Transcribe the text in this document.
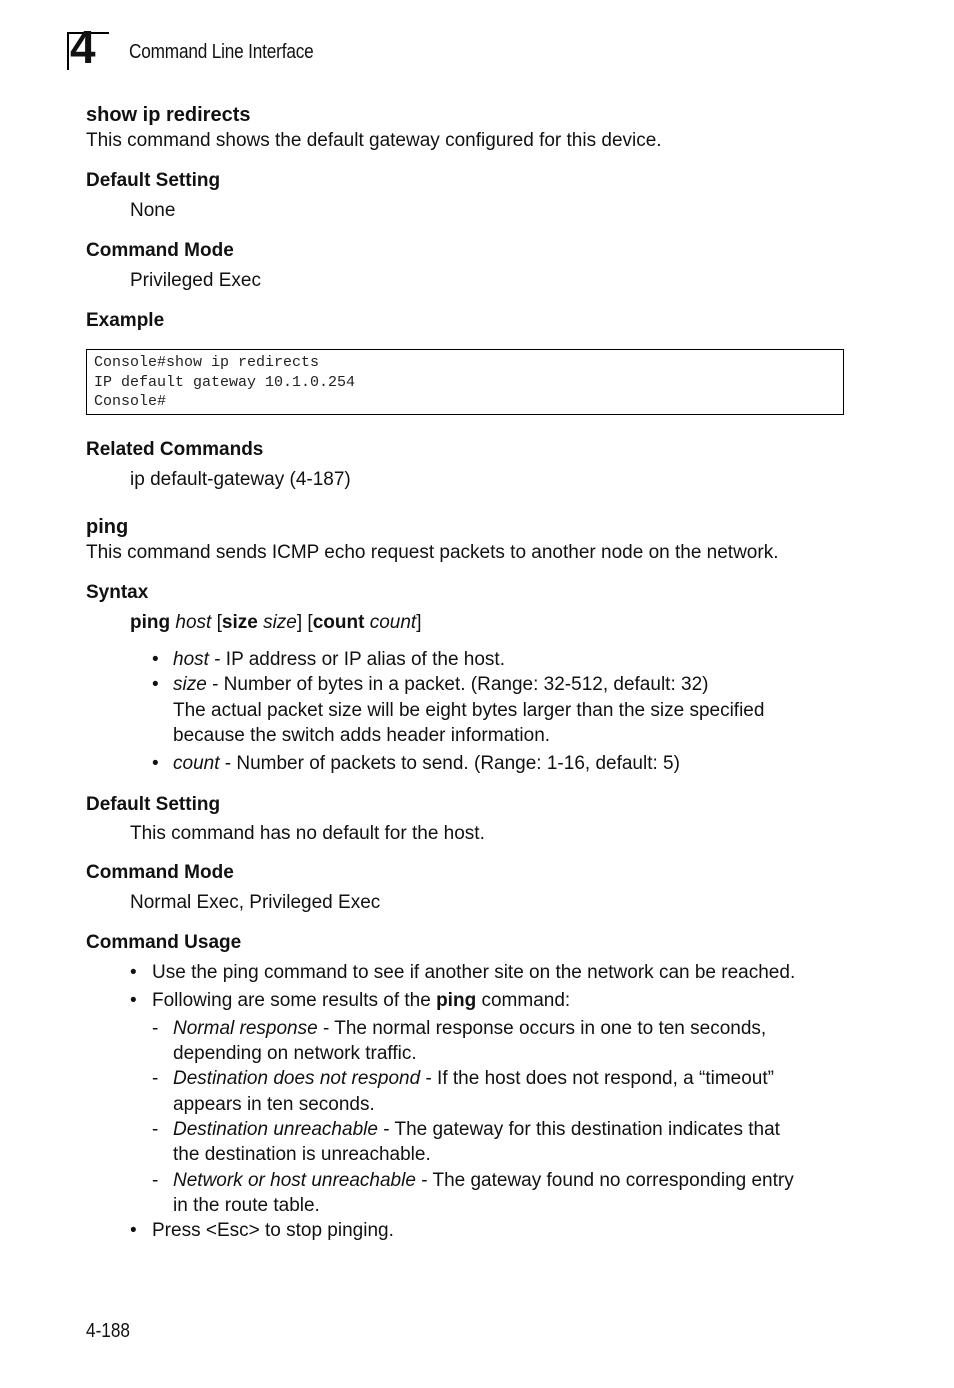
4 Command Line Interface
show ip redirects
This command shows the default gateway configured for this device.
Default Setting
None
Command Mode
Privileged Exec
Example
Console#show ip redirects
IP default gateway 10.1.0.254
Console#
Related Commands
ip default-gateway (4-187)
ping
This command sends ICMP echo request packets to another node on the network.
Syntax
ping host [size size] [count count]
• host - IP address or IP alias of the host.
• size - Number of bytes in a packet. (Range: 32-512, default: 32)
The actual packet size will be eight bytes larger than the size specified
because the switch adds header information.
• count - Number of packets to send. (Range: 1-16, default: 5)
Default Setting
This command has no default for the host.
Command Mode
Normal Exec, Privileged Exec
Command Usage
• Use the ping command to see if another site on the network can be reached.
• Following are some results of the ping command:
- Normal response - The normal response occurs in one to ten seconds,
depending on network traffic.
- Destination does not respond - If the host does not respond, a “timeout”
appears in ten seconds.
- Destination unreachable - The gateway for this destination indicates that
the destination is unreachable.
- Network or host unreachable - The gateway found no corresponding entry
in the route table.
• Press <Esc> to stop pinging.
4-188
